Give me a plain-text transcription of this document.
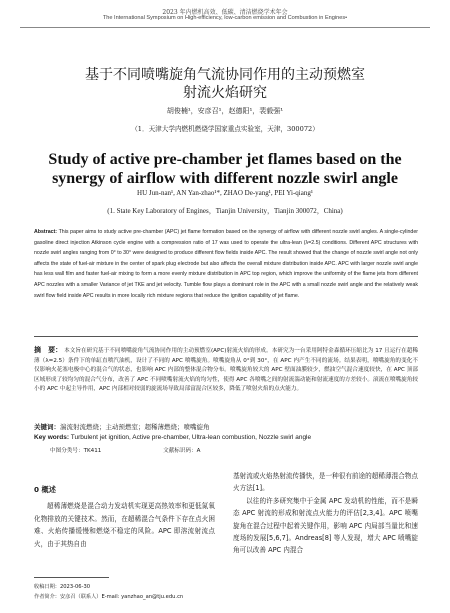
2023 年内燃机高效、低碳、清洁燃烧学术年会
The International Symposium on High-efficiency, low-carbon emission and Combustion in Engines•
基于不同喷嘴旋角气流协同作用的主动预燃室
射流火焰研究
胡俊楠¹，安彦召¹，赵德阳¹，裴毅强¹
（1．天津大学内燃机燃烧学国家重点实验室，天津，300072）
Study of active pre-chamber jet flames based on the
synergy of airflow with different nozzle swirl angle
HU Jun-nan¹, AN Yan-zhao¹*, ZHAO De-yang¹, PEI Yi-qiang¹
(1. State Key Laboratory of Engines，Tianjin University，Tianjin 300072，China)
Abstract: This paper aims to study active pre-chamber (APC) jet flame formation based on the synergy of airflow with different nozzle swirl angles. A single-cylinder gasoline direct injection Atkinson cycle engine with a compression ratio of 17 was used to operate the ultra-lean (λ=2.5) conditions. Different APC structures with nozzle swirl angles ranging from 0° to 30° were designed to produce different flow fields inside APC. The result showed that the change of nozzle swirl angle not only affects the state of fuel-air mixture in the center of spark plug electrode but also affects the overall mixture distribution inside APC. APC with larger nozzle swirl angle has less wall film and faster fuel-air mixing to form a more evenly mixture distribution in APC top region, which improve the uniformity of the flame jets from different APC nozzles with a smaller Variance of jet TKE and jet velocity. Tumble flow plays a dominant role in the APC with a small nozzle swirl angle and the relatively weak swirl flow field inside APC results in more locally rich mixture regions that reduce the ignition capability of jet flame.
摘　要： 本文旨在研究基于不同喷嘴旋角气流协同作用的主动预燃室(APC)射流火焰的形成。本研究为一台采用阿特金森循环压缩比为 17 且运行在超稀薄（λ=2.5）条件下的单缸直喷汽油机，设计了不同的 APC 喷嘴旋角。喷嘴旋角从 0°到 30°，在 APC 内产生不同的流场。结果表明，喷嘴旋角的变化不仅影响火花塞电极中心的混合气的状态，也影响 APC 内部的整体混合物分布。喷嘴旋角较大的 APC 壁面油膜较少，燃油空气混合速度较快，在 APC 顶部区域形成了较均匀的混合气分布，改善了 APC 不同喷嘴射流火焰的均匀性，使得 APC 各喷嘴之间的射流湍动能和射流速度的方差较小。滚流在喷嘴旋角较小的 APC 中起主导作用，APC 内部相对较弱的旋流场导致局部富混合区较多，降低了喷射火焰的点火能力。
关键词：湍流射流燃烧；主动预燃室；超稀薄燃烧；喷嘴旋角
Key words: Turbulent jet ignition, Active pre-chamber, Ultra-lean combustion, Nozzle swirl angle
中图分类号：TK411	文献标识码：A
0 概述

超稀薄燃烧是混合动力发动机实现更高热效率和更低氮氧化物排放的关键技术。然而，在超稀混合气条件下存在点火困难、火焰传播缓慢和燃烧不稳定的风险。APC 即溶流射流点火，由于其热自由

基射流或火焰热射流传播快，是一种很有前途的超稀薄混合物点火方法[1]。

以往的许多研究集中于金属 APC 发动机的性能，而不是瞬态 APC 射流的形成和射流点火能力的评估[2,3,4]。APC 喷嘴旋角在混合过程中起着关键作用，影响 APC 内局部当量比和速度场的发展[5,6,7]。Andreas[8] 等人发现，增大 APC 喷嘴旋角可以改善 APC 内混合

收稿日期：2023-06-30
作者简介：安彦召（联系人）E-mail: yanzhao_an@tju.edu.cn
